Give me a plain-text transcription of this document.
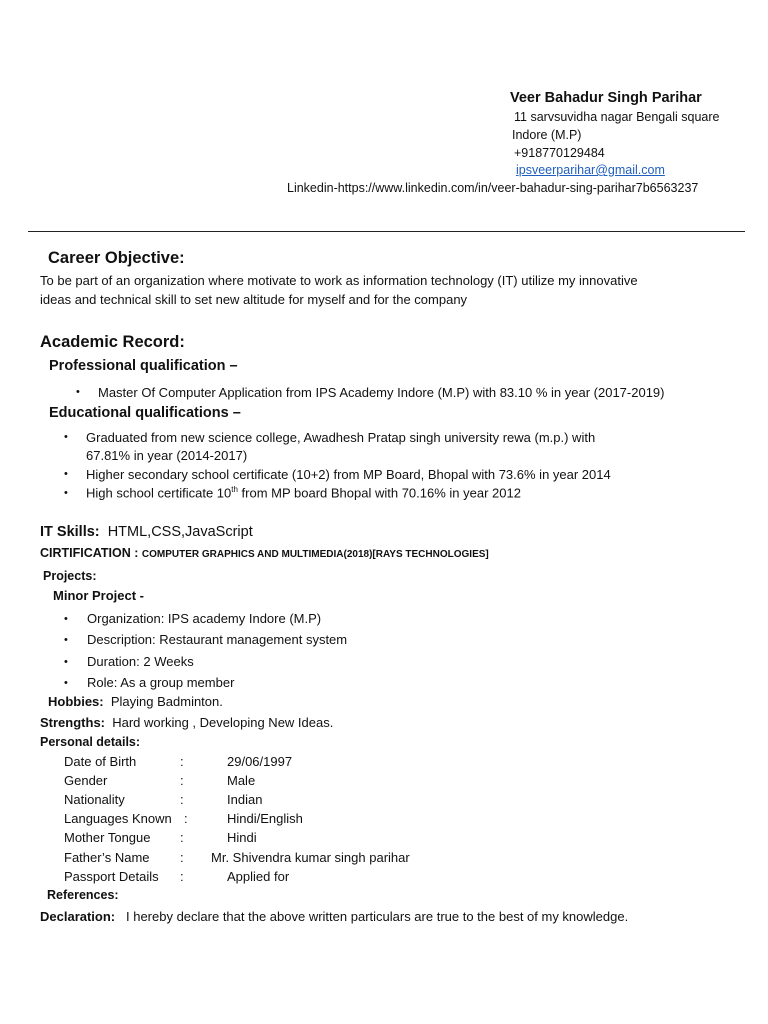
Veer Bahadur Singh Parihar
11 sarvsuvidha nagar Bengali square
Indore (M.P)
+918770129484
ipsveerparihar@gmail.com
Linkedin-https://www.linkedin.com/in/veer-bahadur-sing-parihar7b6563237
Career Objective:
To be part of an organization where motivate to work as information technology (IT) utilize my innovative
ideas and technical skill to set new altitude for myself and for the company
Academic Record:
Professional qualification –
• Master Of Computer Application from IPS Academy Indore (M.P) with 83.10 % in year (2017-2019)
Educational qualifications –
• Graduated from new science college, Awadhesh Pratap singh university rewa (m.p.) with
67.81% in year (2014-2017)
• Higher secondary school certificate (10+2) from MP Board, Bhopal with 73.6% in year 2014
• High school certificate 10th from MP board Bhopal with 70.16% in year 2012
IT Skills: HTML,CSS,JavaScript
CIRTIFICATION : COMPUTER GRAPHICS AND MULTIMEDIA(2018)[RAYS TECHNOLOGIES]
Projects:
Minor Project -
• Organization: IPS academy Indore (M.P)
• Description: Restaurant management system
• Duration: 2 Weeks
• Role: As a group member
Hobbies: Playing Badminton.
Strengths: Hard working , Developing New Ideas.
Personal details:
Date of Birth	:	29/06/1997
Gender	:	Male
Nationality	:	Indian
Languages Known :	Hindi/English
Mother Tongue :	Hindi
Father’s Name : Mr. Shivendra kumar singh parihar
Passport Details :	Applied for
References:
Declaration: I hereby declare that the above written particulars are true to the best of my knowledge.
